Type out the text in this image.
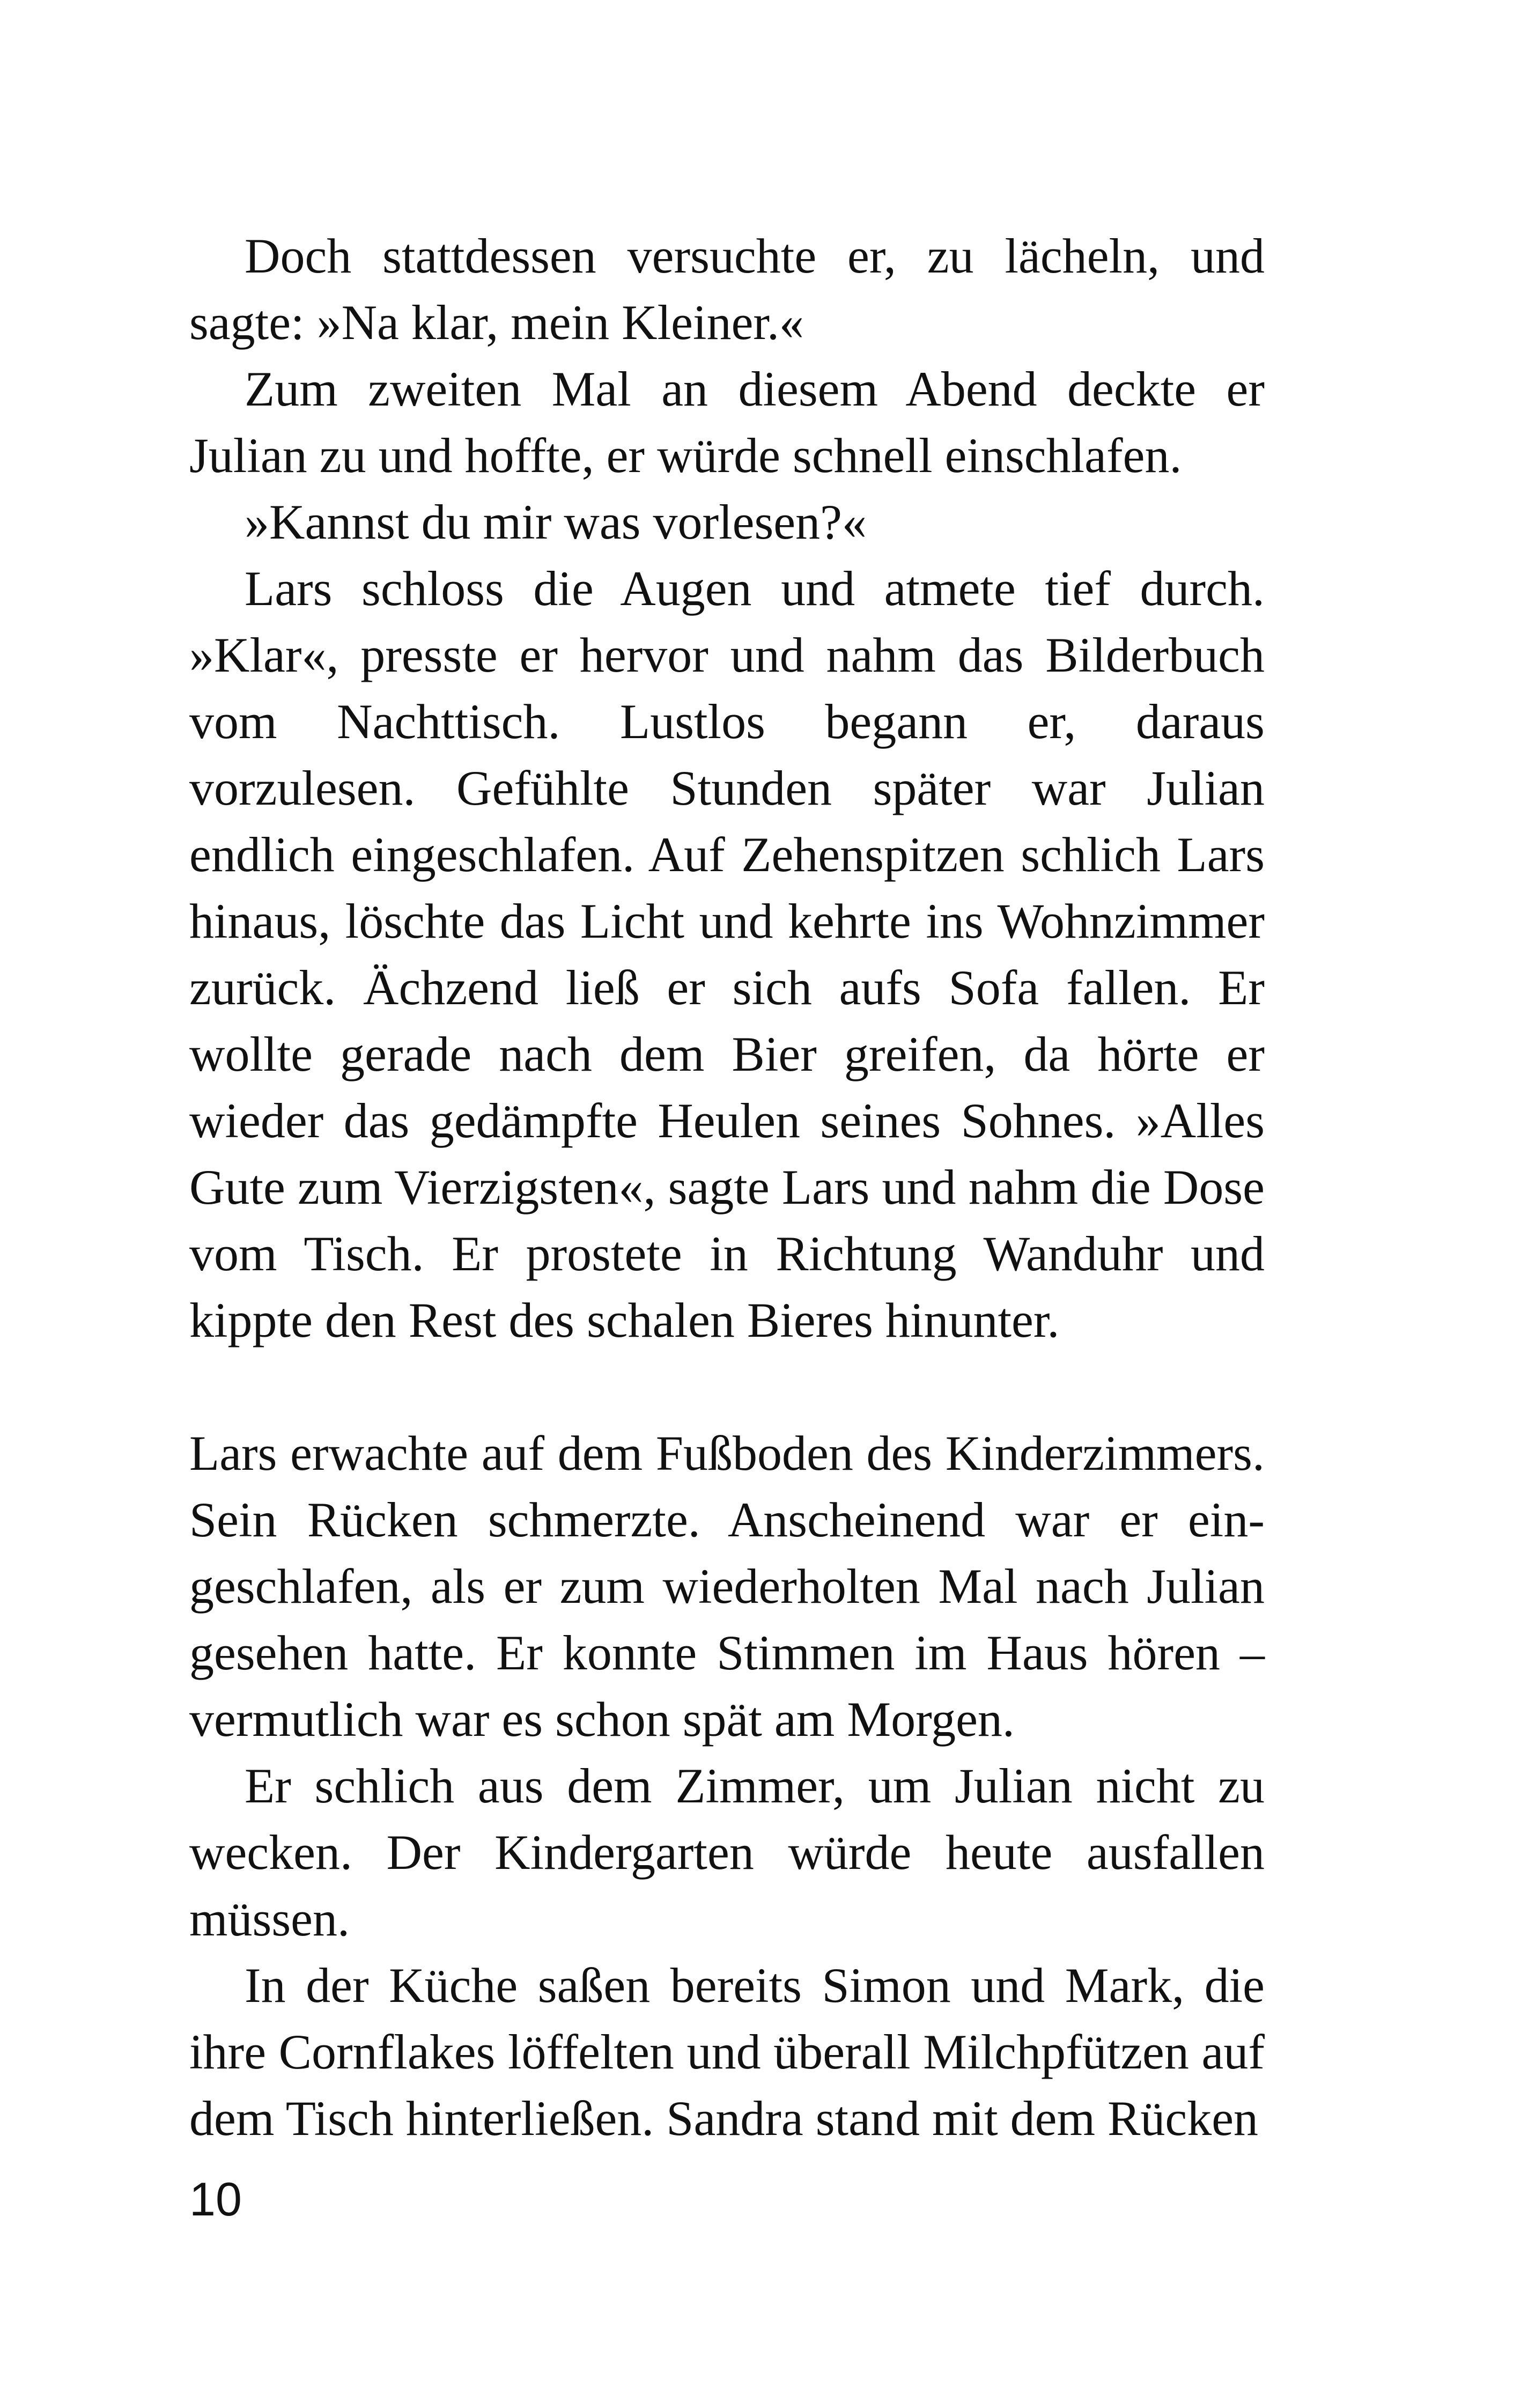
Doch stattdessen versuchte er, zu lächeln, und sagte: »Na klar, mein Kleiner.«

Zum zweiten Mal an diesem Abend deckte er Julian zu und hoffte, er würde schnell einschlafen.

»Kannst du mir was vorlesen?«

Lars schloss die Augen und atmete tief durch. »Klar«, presste er hervor und nahm das Bilderbuch vom Nachttisch. Lustlos begann er, daraus vorzulesen. Gefühlte Stunden später war Julian endlich eingeschlafen. Auf Zehenspitzen schlich Lars hinaus, löschte das Licht und kehrte ins Wohnzimmer zurück. Ächzend ließ er sich aufs Sofa fallen. Er wollte gerade nach dem Bier greifen, da hörte er wieder das gedämpfte Heulen seines Sohnes. »Alles Gute zum Vierzigsten«, sagte Lars und nahm die Dose vom Tisch. Er prostete in Richtung Wanduhr und kippte den Rest des schalen Bieres hinunter.

Lars erwachte auf dem Fußboden des Kinderzimmers. Sein Rücken schmerzte. Anscheinend war er eingeschlafen, als er zum wiederholten Mal nach Julian gesehen hatte. Er konnte Stimmen im Haus hören – vermutlich war es schon spät am Morgen.

Er schlich aus dem Zimmer, um Julian nicht zu wecken. Der Kindergarten würde heute ausfallen müssen.

In der Küche saßen bereits Simon und Mark, die ihre Cornflakes löffelten und überall Milchpfützen auf dem Tisch hinterließen. Sandra stand mit dem Rücken

10
